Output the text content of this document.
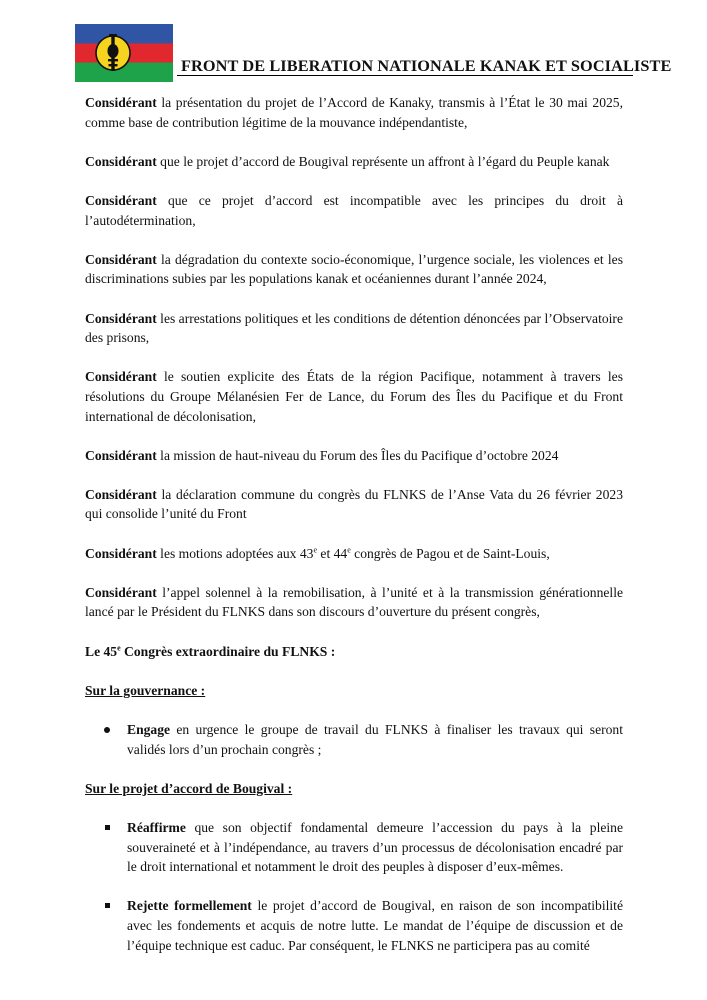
FRONT DE LIBERATION NATIONALE KANAK ET SOCIALISTE

Considérant la présentation du projet de l’Accord de Kanaky, transmis à l’État le 30 mai 2025, comme base de contribution légitime de la mouvance indépendantiste,

Considérant que le projet d’accord de Bougival représente un affront à l’égard du Peuple kanak

Considérant que ce projet d’accord est incompatible avec les principes du droit à l’autodétermination,

Considérant la dégradation du contexte socio-économique, l’urgence sociale, les violences et les discriminations subies par les populations kanak et océaniennes durant l’année 2024,

Considérant les arrestations politiques et les conditions de détention dénoncées par l’Observatoire des prisons,

Considérant le soutien explicite des États de la région Pacifique, notamment à travers les résolutions du Groupe Mélanésien Fer de Lance, du Forum des Îles du Pacifique et du Front international de décolonisation,

Considérant la mission de haut-niveau du Forum des Îles du Pacifique d’octobre 2024

Considérant la déclaration commune du congrès du FLNKS de l’Anse Vata du 26 février 2023 qui consolide l’unité du Front

Considérant les motions adoptées aux 43e et 44e congrès de Pagou et de Saint-Louis,

Considérant l’appel solennel à la remobilisation, à l’unité et à la transmission générationnelle lancé par le Président du FLNKS dans son discours d’ouverture du présent congrès,

Le 45e Congrès extraordinaire du FLNKS :

Sur la gouvernance :

Engage en urgence le groupe de travail du FLNKS à finaliser les travaux qui seront validés lors d’un prochain congrès ;

Sur le projet d’accord de Bougival :

Réaffirme que son objectif fondamental demeure l’accession du pays à la pleine souveraineté et à l’indépendance, au travers d’un processus de décolonisation encadré par le droit international et notamment le droit des peuples à disposer d’eux-mêmes.
Rejette formellement le projet d’accord de Bougival, en raison de son incompatibilité avec les fondements et acquis de notre lutte. Le mandat de l’équipe de discussion et de l’équipe technique est caduc. Par conséquent, le FLNKS ne participera pas au comité
